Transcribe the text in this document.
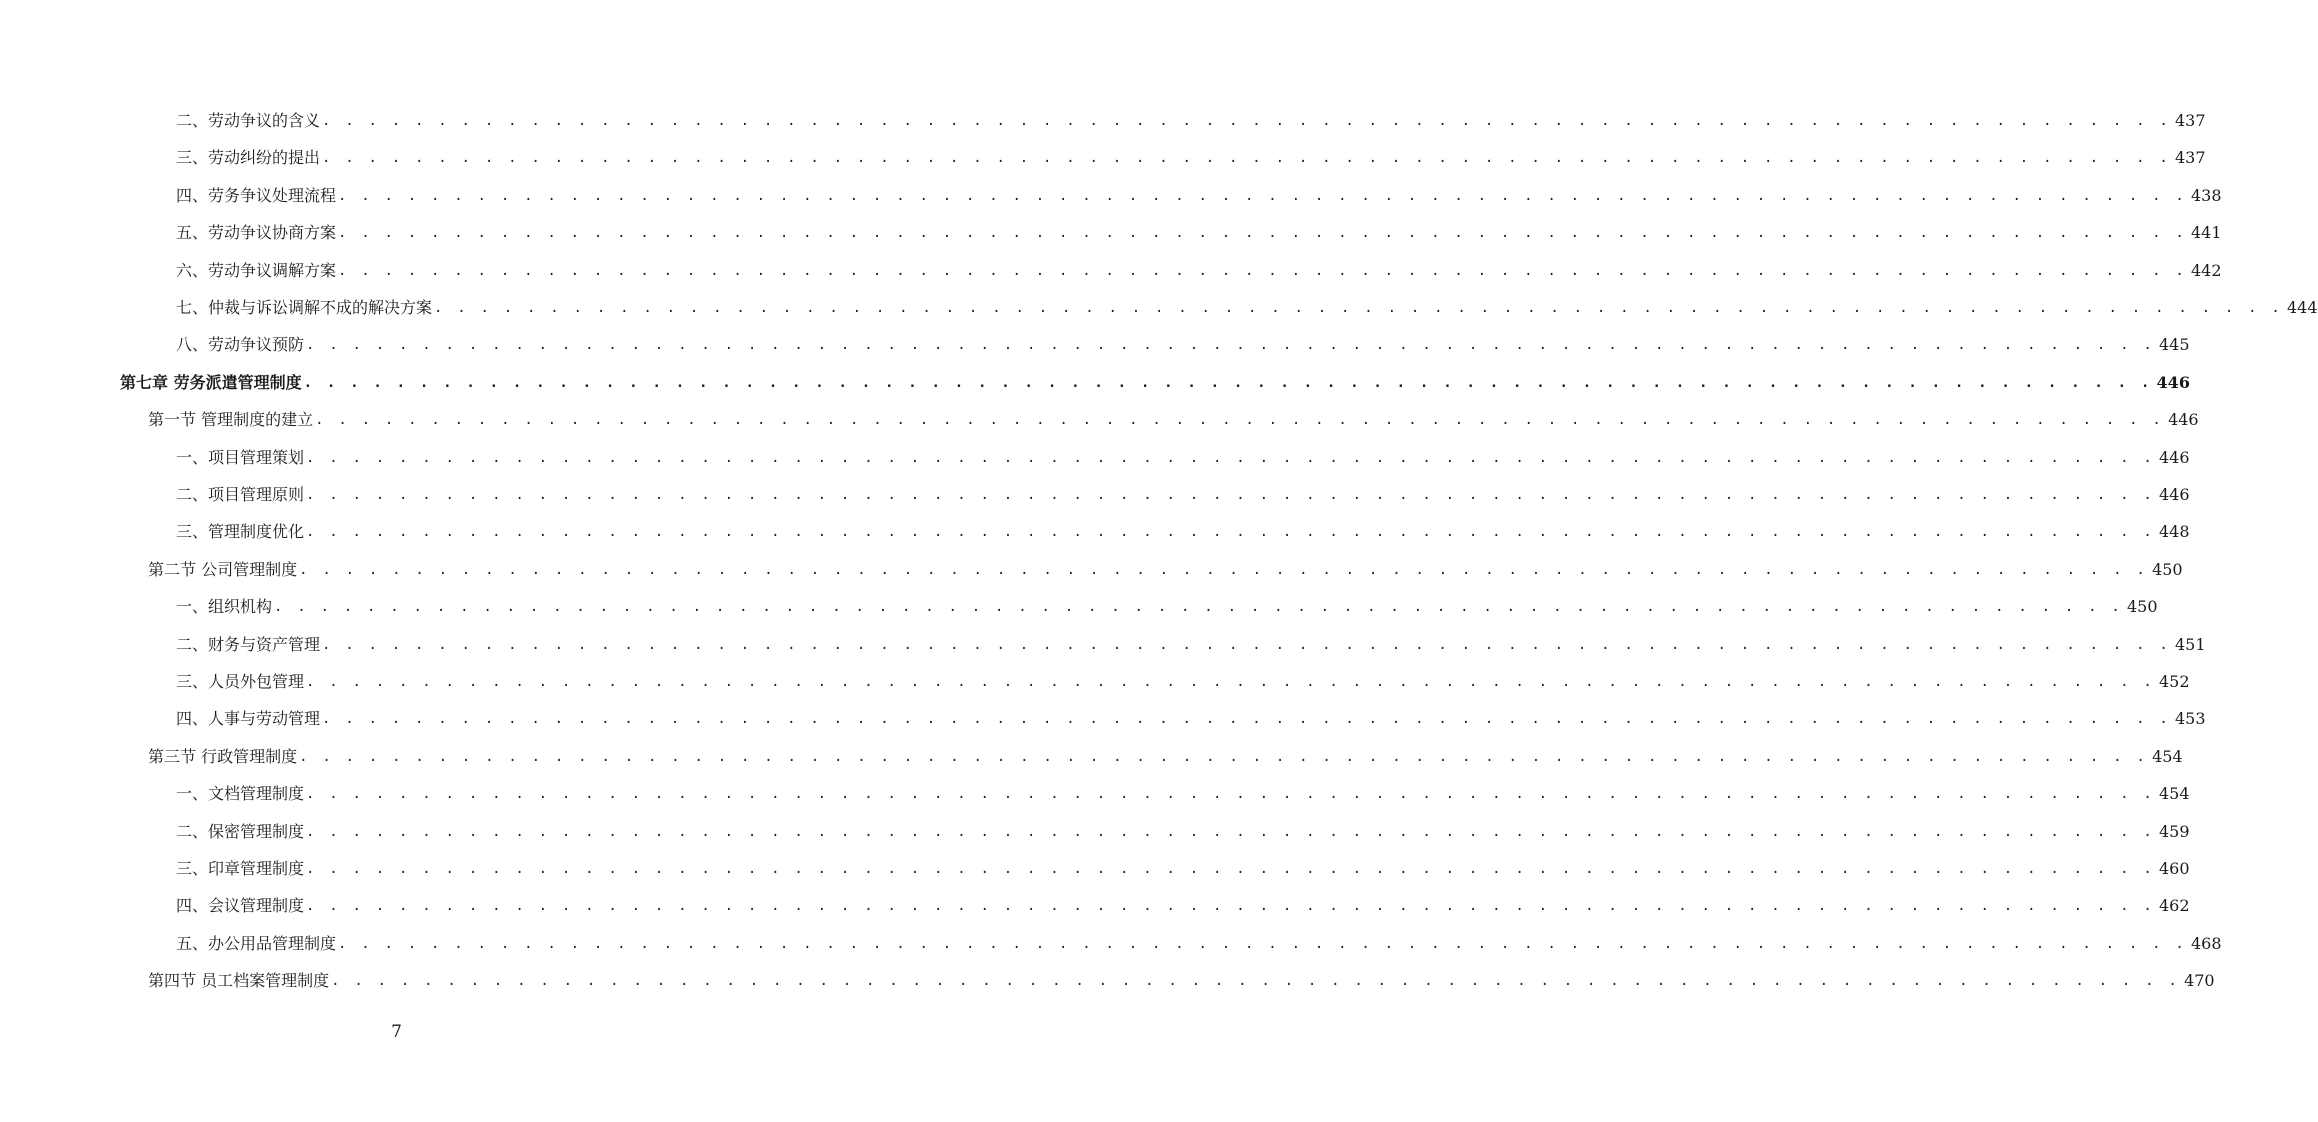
二、劳动争议的含义 . . . . . . . . . . . . . . . . . . . . . . . . . . . . . . . . . . . . . . . . . . . . . . . . . . . . . . . . . . . . . . . . . . . . . . . . . . . . . . . . 437
三、劳动纠纷的提出 . . . . . . . . . . . . . . . . . . . . . . . . . . . . . . . . . . . . . . . . . . . . . . . . . . . . . . . . . . . . . . . . . . . . . . . . . . . . . . . . 437
四、劳务争议处理流程 . . . . . . . . . . . . . . . . . . . . . . . . . . . . . . . . . . . . . . . . . . . . . . . . . . . . . . . . . . . . . . . . . . . . . . . . . . . . . . . . 438
五、劳动争议协商方案 . . . . . . . . . . . . . . . . . . . . . . . . . . . . . . . . . . . . . . . . . . . . . . . . . . . . . . . . . . . . . . . . . . . . . . . . . . . . . . . . 441
六、劳动争议调解方案 . . . . . . . . . . . . . . . . . . . . . . . . . . . . . . . . . . . . . . . . . . . . . . . . . . . . . . . . . . . . . . . . . . . . . . . . . . . . . . . . 442
七、仲裁与诉讼调解不成的解决方案 . . . . . . . . . . . . . . . . . . . . . . . . . . . . . . . . . . . . . . . . . . . . . . . . . . . . . . . . . . . . . . . . . . . . . . . . . . . . . . . . 444
八、劳动争议预防 . . . . . . . . . . . . . . . . . . . . . . . . . . . . . . . . . . . . . . . . . . . . . . . . . . . . . . . . . . . . . . . . . . . . . . . . . . . . . . . . 445
第七章 劳务派遣管理制度 . . . . . . . . . . . . . . . . . . . . . . . . . . . . . . . . . . . . . . . . . . . . . . . . . . . . . . . . . . . . . . . . . . . . . . . . . . . . . . . . 446
第一节 管理制度的建立 . . . . . . . . . . . . . . . . . . . . . . . . . . . . . . . . . . . . . . . . . . . . . . . . . . . . . . . . . . . . . . . . . . . . . . . . . . . . . . . . 446
一、项目管理策划 . . . . . . . . . . . . . . . . . . . . . . . . . . . . . . . . . . . . . . . . . . . . . . . . . . . . . . . . . . . . . . . . . . . . . . . . . . . . . . . . 446
二、项目管理原则 . . . . . . . . . . . . . . . . . . . . . . . . . . . . . . . . . . . . . . . . . . . . . . . . . . . . . . . . . . . . . . . . . . . . . . . . . . . . . . . . 446
三、管理制度优化 . . . . . . . . . . . . . . . . . . . . . . . . . . . . . . . . . . . . . . . . . . . . . . . . . . . . . . . . . . . . . . . . . . . . . . . . . . . . . . . . 448
第二节 公司管理制度 . . . . . . . . . . . . . . . . . . . . . . . . . . . . . . . . . . . . . . . . . . . . . . . . . . . . . . . . . . . . . . . . . . . . . . . . . . . . . . . . 450
一、组织机构 . . . . . . . . . . . . . . . . . . . . . . . . . . . . . . . . . . . . . . . . . . . . . . . . . . . . . . . . . . . . . . . . . . . . . . . . . . . . . . . . 450
二、财务与资产管理 . . . . . . . . . . . . . . . . . . . . . . . . . . . . . . . . . . . . . . . . . . . . . . . . . . . . . . . . . . . . . . . . . . . . . . . . . . . . . . . . 451
三、人员外包管理 . . . . . . . . . . . . . . . . . . . . . . . . . . . . . . . . . . . . . . . . . . . . . . . . . . . . . . . . . . . . . . . . . . . . . . . . . . . . . . . . 452
四、人事与劳动管理 . . . . . . . . . . . . . . . . . . . . . . . . . . . . . . . . . . . . . . . . . . . . . . . . . . . . . . . . . . . . . . . . . . . . . . . . . . . . . . . . 453
第三节 行政管理制度 . . . . . . . . . . . . . . . . . . . . . . . . . . . . . . . . . . . . . . . . . . . . . . . . . . . . . . . . . . . . . . . . . . . . . . . . . . . . . . . . 454
一、文档管理制度 . . . . . . . . . . . . . . . . . . . . . . . . . . . . . . . . . . . . . . . . . . . . . . . . . . . . . . . . . . . . . . . . . . . . . . . . . . . . . . . . 454
二、保密管理制度 . . . . . . . . . . . . . . . . . . . . . . . . . . . . . . . . . . . . . . . . . . . . . . . . . . . . . . . . . . . . . . . . . . . . . . . . . . . . . . . . 459
三、印章管理制度 . . . . . . . . . . . . . . . . . . . . . . . . . . . . . . . . . . . . . . . . . . . . . . . . . . . . . . . . . . . . . . . . . . . . . . . . . . . . . . . . 460
四、会议管理制度 . . . . . . . . . . . . . . . . . . . . . . . . . . . . . . . . . . . . . . . . . . . . . . . . . . . . . . . . . . . . . . . . . . . . . . . . . . . . . . . . 462
五、办公用品管理制度 . . . . . . . . . . . . . . . . . . . . . . . . . . . . . . . . . . . . . . . . . . . . . . . . . . . . . . . . . . . . . . . . . . . . . . . . . . . . . . . . 468
第四节 员工档案管理制度 . . . . . . . . . . . . . . . . . . . . . . . . . . . . . . . . . . . . . . . . . . . . . . . . . . . . . . . . . . . . . . . . . . . . . . . . . . . . . . . . 470
7
